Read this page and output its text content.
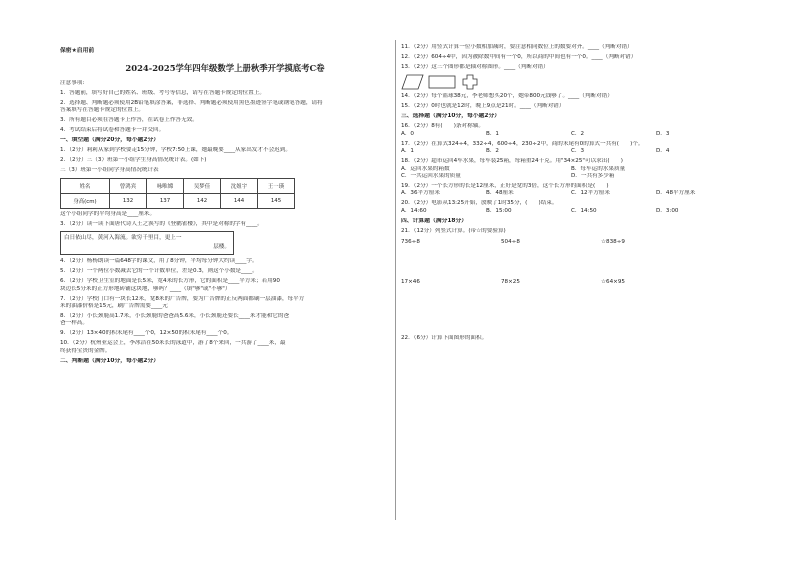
保密★启用前
2024-2025学年四年级数学上册秋季开学摸底考C卷

注意事项:

1．答题前，填写好自己的姓名、班级、考号等信息，请写在答题卡规定的位置上。

2．选择题、判断题必须使用2B铅笔填涂答案，非选择、判断题必须使用黑色墨迹签字笔或钢笔答题，请将

答案填写在答题卡规定的位置上。

3．所有题目必须在答题卡上作答，在试卷上作答无效。

4．考试结束后将试卷和答题卡一并交回。

一、填空题（满分20分，每小题2分）

1．（2分）莉莉从家到学校要走15分钟，学校7:50上课，她最晚要____从家出发才不会迟到。

2．（2分）三（3）班第一小组学生身高情况统计表。(如下)

三（3）班第一小组同学身高情况统计表

姓名	曾鸿宾	咏唯嫦	吴梦佳	沈姐宇	王一瑛
身高(cm)	132	137	142	144	145

这个小组同学的平均身高是____厘米。

3．（2分）读一读下面唐代诗人王之涣写的《登鹳雀楼》，其中是对称的字有____。

白日依山尽，黄河入海流。欲穷千里目，更上一

层楼。

4．（2分）杨杨朗读一篇648字的课文，用了8分钟，平均每分钟大约读____字。

5．（2分）一个两位小数减去它的一个计数单位，差是0.3，则这个小数是____。

6．（2分）学校卫生室的地面是长5米，宽4米的长方形，它的面积是____平方米；若用90

块边长5分米的正方形地砖铺这块地，够吗？____（填"够"或"不够"）

7．（2分）学校门口有一块长12米，宽8米的广告牌，要为广告牌的正反两面都刷一层油漆，每平方

米的油漆价格是15元，刷广告牌需要____元

8．（2分）小长颈鹿高1.7米，小长颈鹿的爸爸高5.6米，小长颈鹿还要长____米才能和它的爸

爸一样高。

9．（2分）13×40的积末尾有____个0，12×50的积末尾有____个0。

10．（2分）杭州亚运会上，李冰洁在50米长的泳道中，游了8个来回，一共游了____米，最

终获得宝贵的金牌。

二、判断题（满分10分，每小题2分）

11．（2分）用竖式计算一位小数相加减时，要注意相同数位上的数要对齐。____（判断对错）

12．（2分）604÷4中，因为被除数中间有一个0，所以商的中间也有一个0。____（判断对错）

13．（2分）这三个图形都是轴对称图形。____（判断对错）

14．（2分）每个篮球38元，李老师想买20个，她带800元钱够了。____（判断对错）

15．（2分）0时也就是12时，晚上9点是21时。____（判断对错）

三、选择题（满分10分，每小题2分）

16．（2分）8有(　　)条对称轴。

A．0	B．1	C．2	D．3

17．（2分）在算式324÷4，332÷4，600÷4，230÷2中，商的末尾有0的算式一共有(　　)个。

A．1	B．2	C．3	D．4

18．（2分）超市运回4车水果，每车装25箱，每箱重24千克。用"34×25"可以求出(　　)

A．运回水果的箱数	B．每车运的水果质量
C．一共运回水果的质量	D．一共有多少箱

19．（2分）一个长方形的长是12厘米，正好是宽的3倍，这个长方形的面积是(　　)

A．36平方厘米	B．48厘米	C．12平方厘米	D．48平方厘米

20．（2分）电影从13:25开始，放映了1时35分，(　　)结束。

A．14:60	B．15:00	C．14:50	D．3:00

四、计算题（满分18分）

21．（12分）列竖式计算。(带☆的要验算)

736÷8	504÷8	☆838÷9
17×46	78×25	☆64×95

22．（6分）计算下面图形的面积。
